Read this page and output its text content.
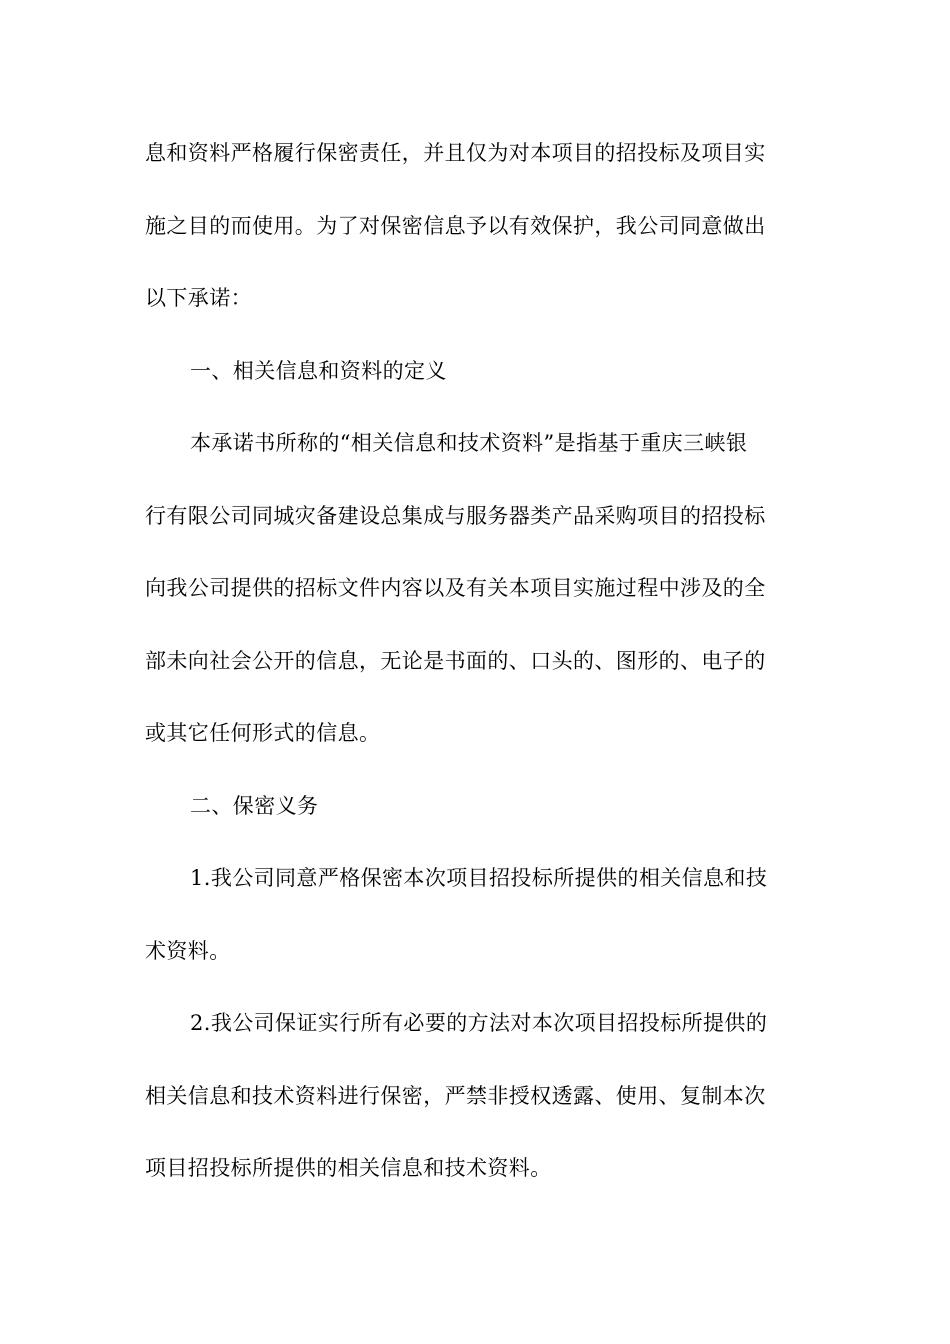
息和资料严格履行保密责任，并且仅为对本项目的招投标及项目实
施之目的而使用。为了对保密信息予以有效保护，我公司同意做出
以下承诺：
一、相关信息和资料的定义
本承诺书所称的“相关信息和技术资料”是指基于重庆三峡银
行有限公司同城灾备建设总集成与服务器类产品采购项目的招投标
向我公司提供的招标文件内容以及有关本项目实施过程中涉及的全
部未向社会公开的信息，无论是书面的、口头的、图形的、电子的
或其它任何形式的信息。
二、保密义务
1.我公司同意严格保密本次项目招投标所提供的相关信息和技
术资料。
2.我公司保证实行所有必要的方法对本次项目招投标所提供的
相关信息和技术资料进行保密，严禁非授权透露、使用、复制本次
项目招投标所提供的相关信息和技术资料。
